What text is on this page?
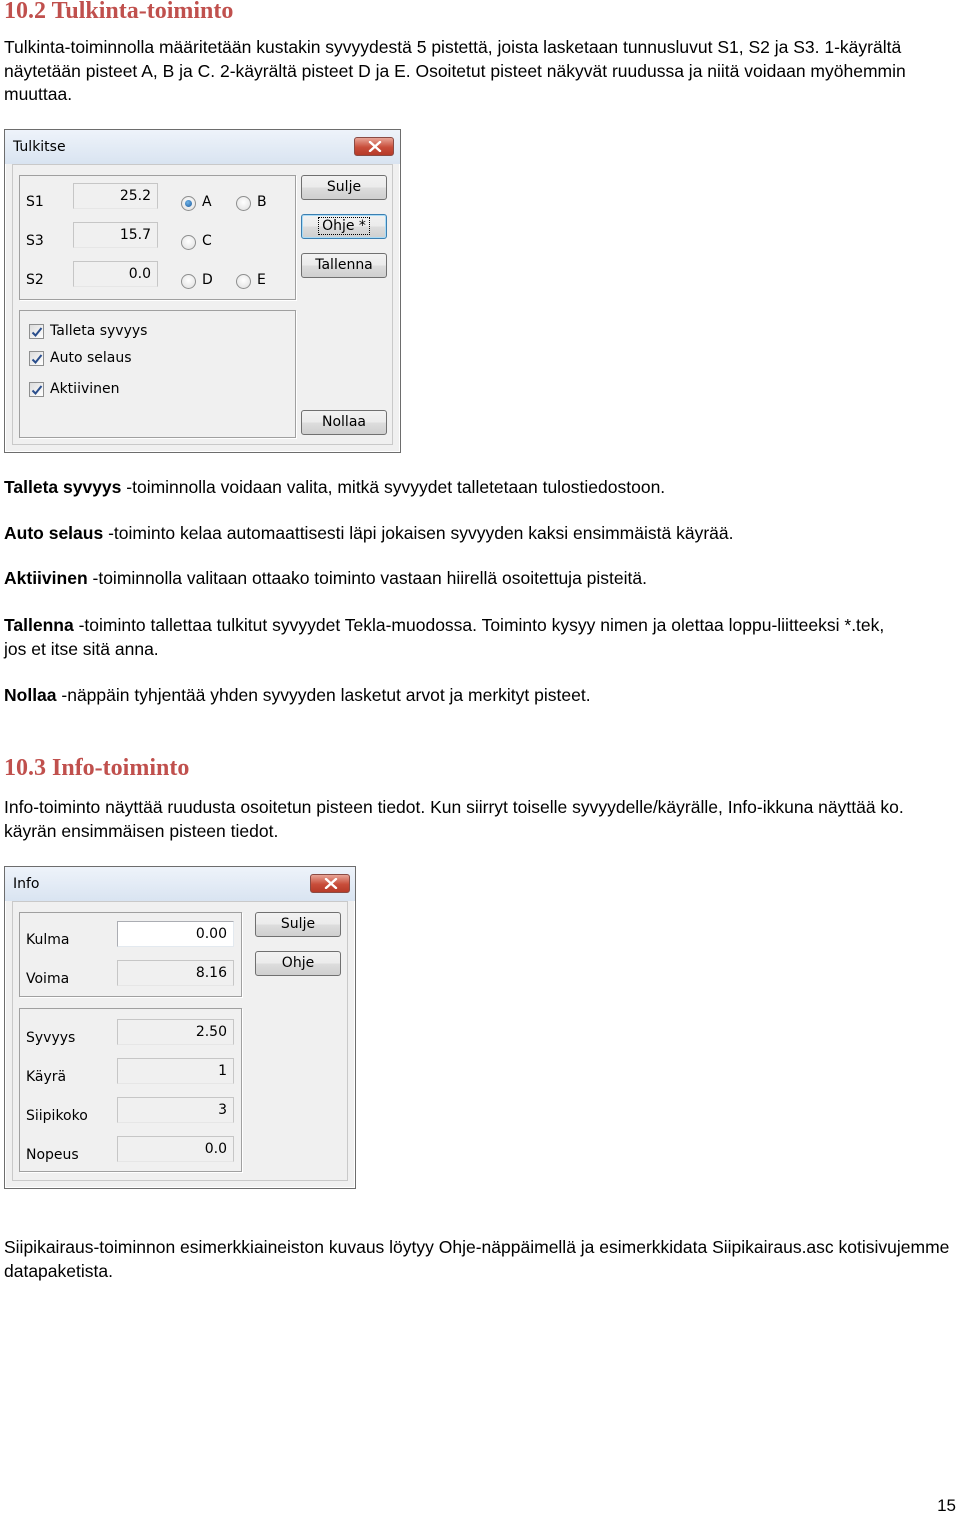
10.2 Tulkinta-toiminto
Tulkinta-toiminnolla määritetään kustakin syvyydestä 5 pistettä, joista lasketaan tunnusluvut S1, S2 ja S3. 1-käyrältä näytetään pisteet A, B ja C. 2-käyrältä pisteet D ja E. Osoitetut pisteet näkyvät ruudussa ja niitä voidaan myöhemmin muuttaa.
Tulkitse
S1	25.2
S3	15.7
S2	0.0
A	B
C
D	E
Sulje
Ohje *
Tallenna
Talleta syvyys
Auto selaus
Aktiivinen
Nollaa
Talleta syvyys -toiminnolla voidaan valita, mitkä syvyydet talletetaan tulostiedostoon.
Auto selaus -toiminto kelaa automaattisesti läpi jokaisen syvyyden kaksi ensimmäistä käyrää.
Aktiivinen -toiminnolla valitaan ottaako toiminto vastaan hiirellä osoitettuja pisteitä.
Tallenna -toiminto tallettaa tulkitut syvyydet Tekla-muodossa. Toiminto kysyy nimen ja olettaa loppu-liitteeksi *.tek, jos et itse sitä anna.
Nollaa -näppäin tyhjentää yhden syvyyden lasketut arvot ja merkityt pisteet.
10.3 Info-toiminto
Info-toiminto näyttää ruudusta osoitetun pisteen tiedot. Kun siirryt toiselle syvyydelle/käyrälle, Info-ikkuna näyttää ko. käyrän ensimmäisen pisteen tiedot.
Info
Kulma	0.00
Voima	8.16
Sulje
Ohje
Syvyys	2.50
Käyrä	1
Siipikoko	3
Nopeus	0.0
Siipikairaus-toiminnon esimerkkiaineiston kuvaus löytyy Ohje-näppäimellä ja esimerkkidata Siipikairaus.asc kotisivujemme datapaketista.
15
